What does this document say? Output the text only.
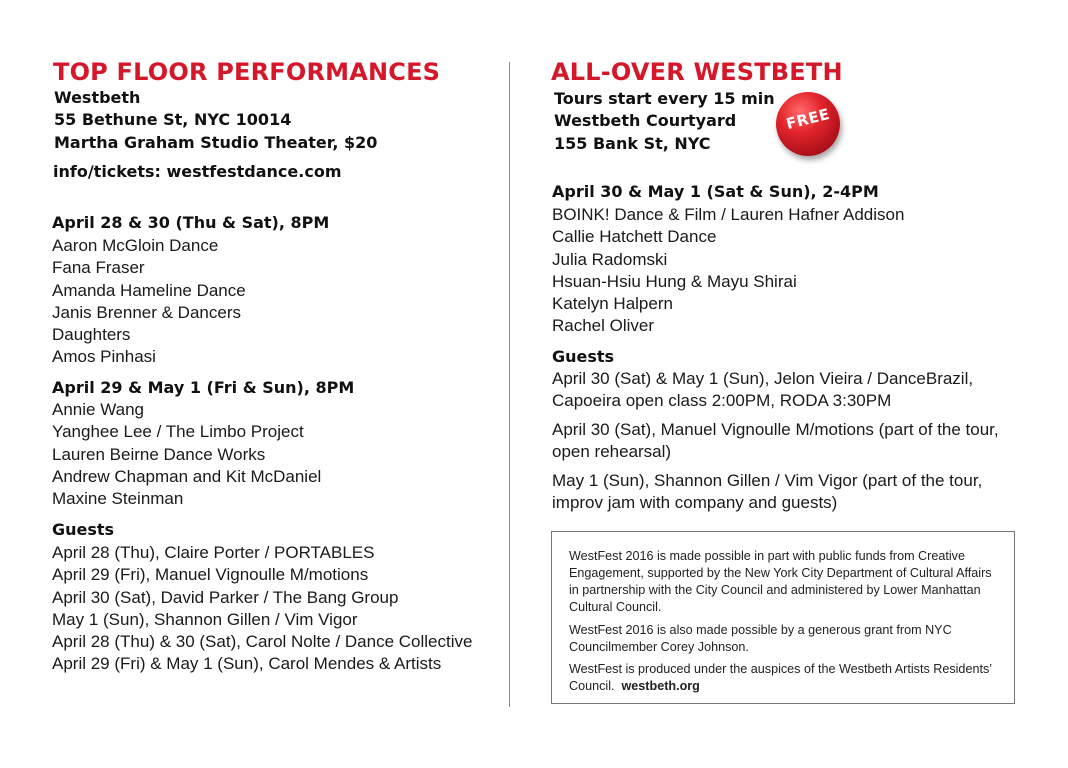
TOP FLOOR PERFORMANCES
Westbeth
55 Bethune St, NYC 10014
Martha Graham Studio Theater, $20
info/tickets: westfestdance.com
April 28 & 30 (Thu & Sat), 8PM
Aaron McGloin Dance
Fana Fraser
Amanda Hameline Dance
Janis Brenner & Dancers
Daughters
Amos Pinhasi
April 29 & May 1 (Fri & Sun), 8PM
Annie Wang
Yanghee Lee / The Limbo Project
Lauren Beirne Dance Works
Andrew Chapman and Kit McDaniel
Maxine Steinman
Guests
April 28 (Thu), Claire Porter / PORTABLES
April 29 (Fri), Manuel Vignoulle M/motions
April 30 (Sat), David Parker / The Bang Group
May 1 (Sun), Shannon Gillen / Vim Vigor
April 28 (Thu) & 30 (Sat), Carol Nolte / Dance Collective
April 29 (Fri) & May 1 (Sun), Carol Mendes & Artists
ALL-OVER WESTBETH
Tours start every 15 min
Westbeth Courtyard
155 Bank St, NYC
FREE
April 30 & May 1 (Sat & Sun), 2-4PM
BOINK! Dance & Film / Lauren Hafner Addison
Callie Hatchett Dance
Julia Radomski
Hsuan-Hsiu Hung & Mayu Shirai
Katelyn Halpern
Rachel Oliver
Guests
April 30 (Sat) & May 1 (Sun), Jelon Vieira / DanceBrazil,
Capoeira open class 2:00PM, RODA 3:30PM
April 30 (Sat), Manuel Vignoulle M/motions (part of the tour,
open rehearsal)
May 1 (Sun), Shannon Gillen / Vim Vigor (part of the tour,
improv jam with company and guests)

WestFest 2016 is made possible in part with public funds from Creative Engagement, supported by the New York City Department of Cultural Affairs in partnership with the City Council and administered by Lower Manhattan Cultural Council.

WestFest 2016 is also made possible by a generous grant from NYC Councilmember Corey Johnson.

WestFest is produced under the auspices of the Westbeth Artists Residents’ Council. westbeth.org
